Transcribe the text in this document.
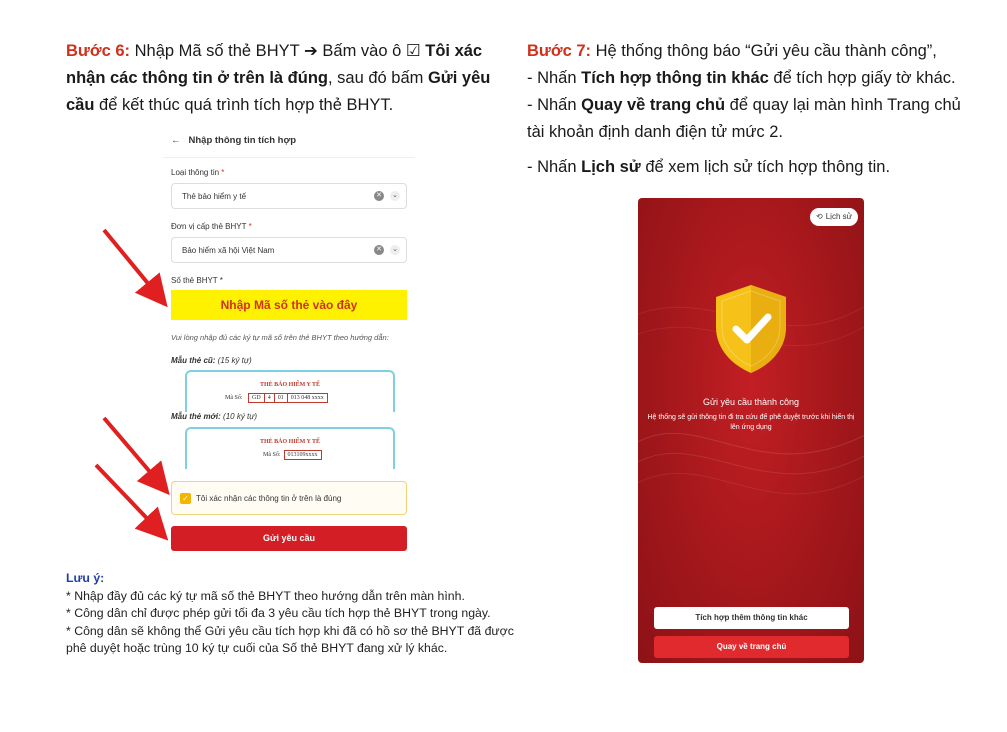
Bước 6: Nhập Mã số thẻ BHYT ➔ Bấm vào ô ☑ Tôi xác nhận các thông tin ở trên là đúng, sau đó bấm Gửi yêu cầu để kết thúc quá trình tích hợp thẻ BHYT.

Bước 7: Hệ thống thông báo “Gửi yêu cầu thành công”,

- Nhấn Tích hợp thông tin khác để tích hợp giấy tờ khác.

- Nhấn Quay về trang chủ để quay lại màn hình Trang chủ tài khoản định danh điện tử mức 2.

- Nhấn Lịch sử để xem lịch sử tích hợp thông tin.

← Nhập thông tin tích hợp
Loại thông tin *
Thẻ bảo hiểm y tế	✕ ⌄
Đơn vị cấp thẻ BHYT *
Bảo hiểm xã hội Việt Nam	✕ ⌄
Số thẻ BHYT *
Nhập Mã số thẻ vào đây
Vui lòng nhập đủ các ký tự mã số trên thẻ BHYT theo hướng dẫn:
Mẫu thẻ cũ: (15 ký tự)
THẺ BẢO HIỂM Y TẾ
Mã Số: GD 4 01 013 048 xxxx
Mẫu thẻ mới: (10 ký tự)
THẺ BẢO HIỂM Y TẾ
Mã Số: 013109xxxx
✓ Tôi xác nhận các thông tin ở trên là đúng
Gửi yêu cầu

Lưu ý:

* Nhập đầy đủ các ký tự mã số thẻ BHYT theo hướng dẫn trên màn hình.

* Công dân chỉ được phép gửi tối đa 3 yêu cầu tích hợp thẻ BHYT trong ngày.

* Công dân sẽ không thể Gửi yêu cầu tích hợp khi đã có hồ sơ thẻ BHYT đã được phê duyệt hoặc trùng 10 ký tự cuối của Số thẻ BHYT đang xử lý khác.

⟲ Lịch sử
Gửi yêu cầu thành công
Hệ thống sẽ gửi thông tin đi tra cứu để phê duyệt trước khi hiển thị lên ứng dụng
Tích hợp thêm thông tin khác
Quay về trang chủ
